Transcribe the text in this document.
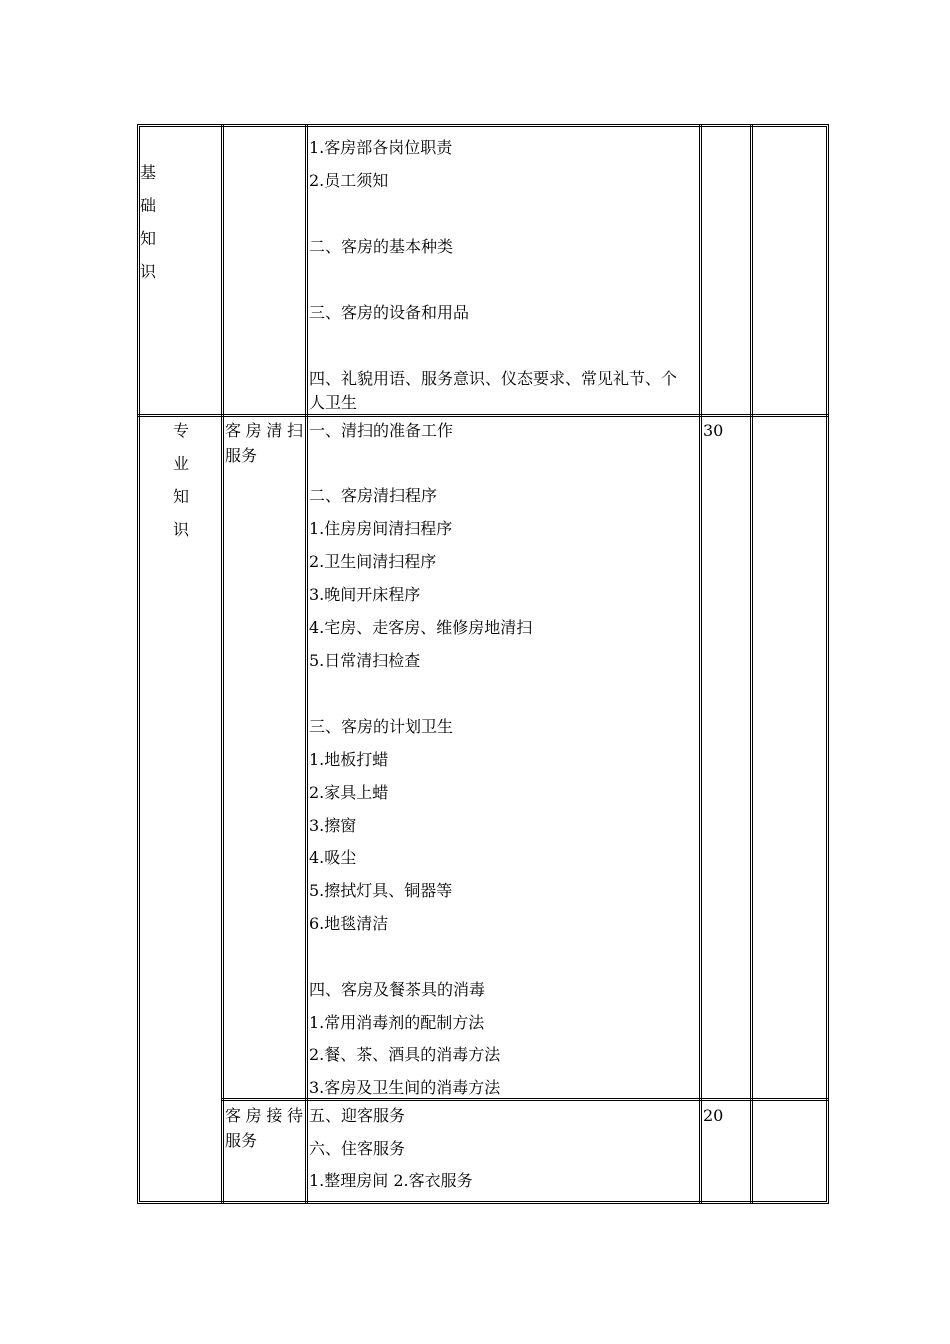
基
础
知
识
1.客房部各岗位职责
2.员工须知
二、客房的基本种类
三、客房的设备和用品
四、礼貌用语、服务意识、仪态要求、常见礼节、个
人卫生
专
业
知
识
客房清扫
服务
一、清扫的准备工作
二、客房清扫程序
1.住房房间清扫程序
2.卫生间清扫程序
3.晚间开床程序
4.宅房、走客房、维修房地清扫
5.日常清扫检查
三、客房的计划卫生
1.地板打蜡
2.家具上蜡
3.擦窗
4.吸尘
5.擦拭灯具、铜器等
6.地毯清洁
四、客房及餐茶具的消毒
1.常用消毒剂的配制方法
2.餐、茶、酒具的消毒方法
3.客房及卫生间的消毒方法
30
客房接待
服务
五、迎客服务
六、住客服务
1.整理房间 2.客衣服务
20
